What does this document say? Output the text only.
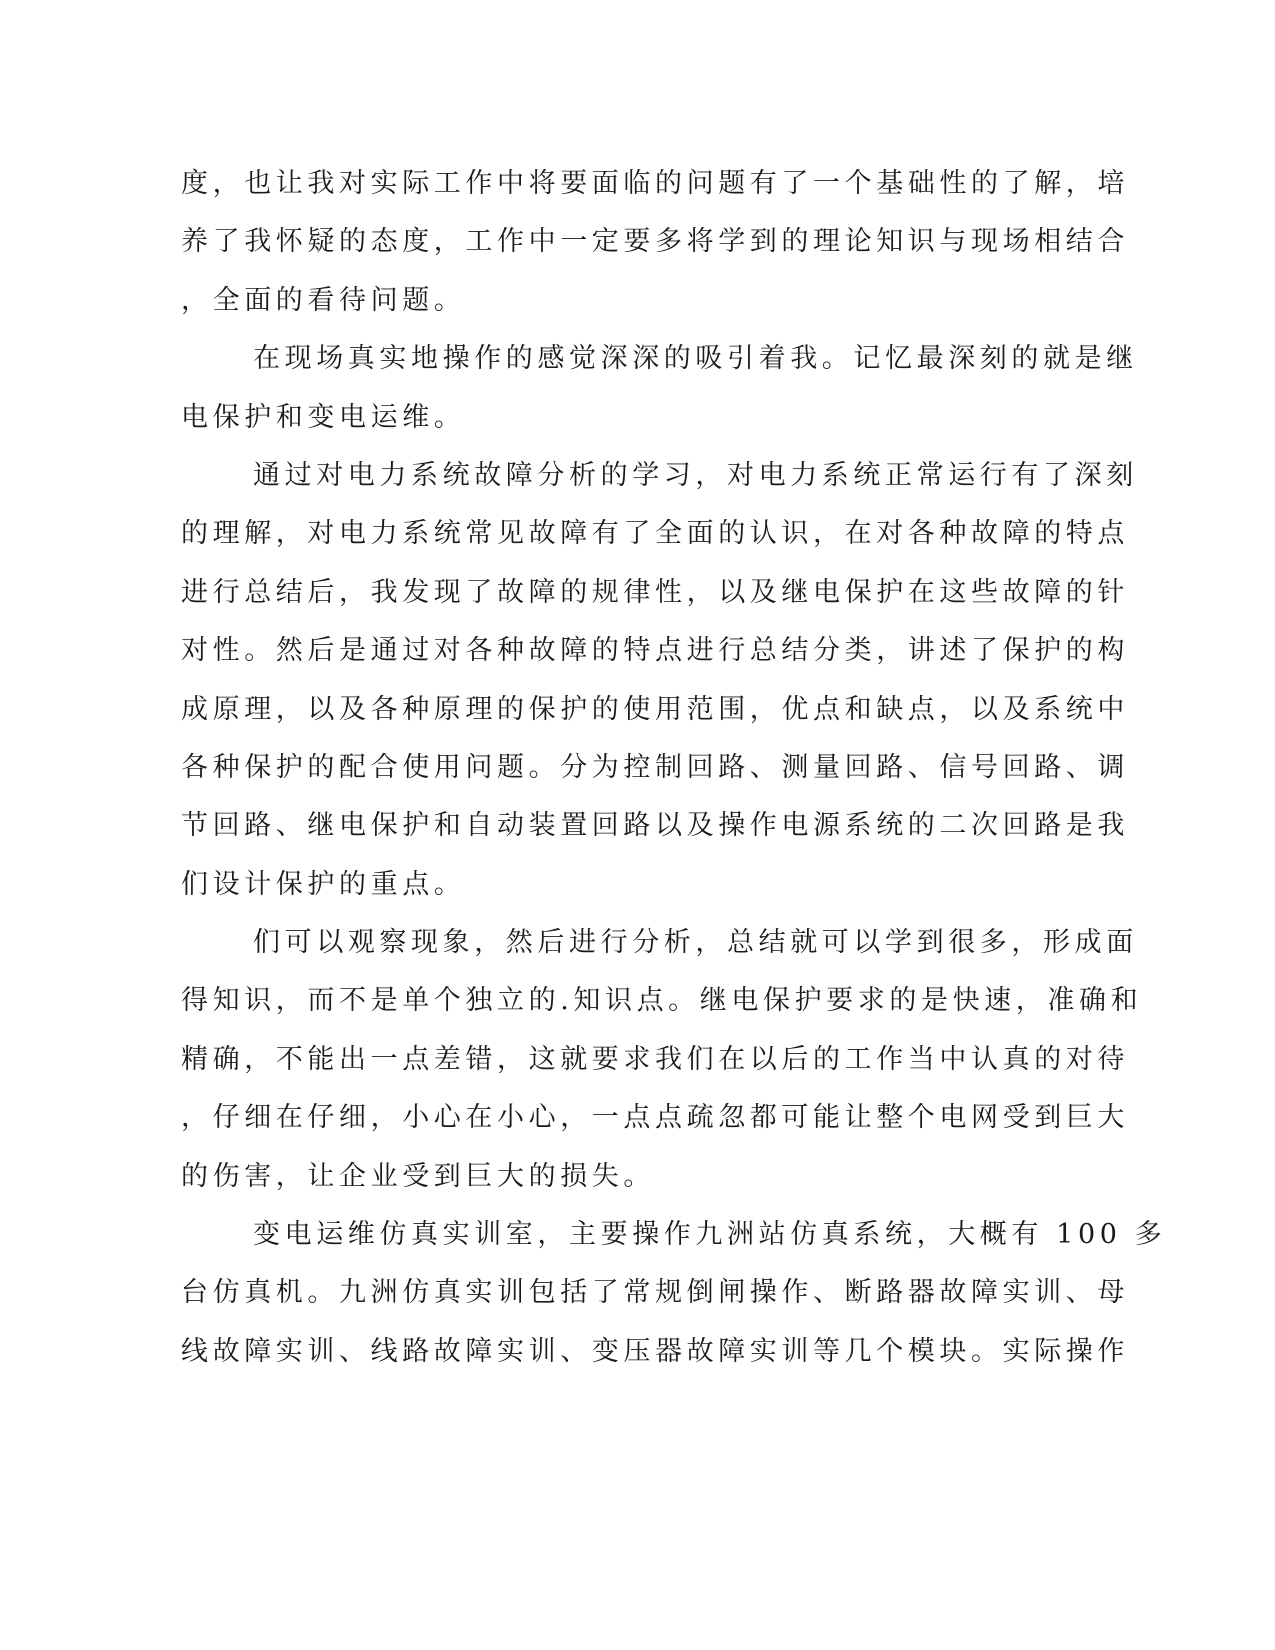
度，也让我对实际工作中将要面临的问题有了一个基础性的了解，培
养了我怀疑的态度，工作中一定要多将学到的理论知识与现场相结合
，全面的看待问题。
在现场真实地操作的感觉深深的吸引着我。记忆最深刻的就是继
电保护和变电运维。
通过对电力系统故障分析的学习，对电力系统正常运行有了深刻
的理解，对电力系统常见故障有了全面的认识，在对各种故障的特点
进行总结后，我发现了故障的规律性，以及继电保护在这些故障的针
对性。然后是通过对各种故障的特点进行总结分类，讲述了保护的构
成原理，以及各种原理的保护的使用范围，优点和缺点，以及系统中
各种保护的配合使用问题。分为控制回路、测量回路、信号回路、调
节回路、继电保护和自动装置回路以及操作电源系统的二次回路是我
们设计保护的重点。
们可以观察现象，然后进行分析，总结就可以学到很多，形成面
得知识，而不是单个独立的.知识点。继电保护要求的是快速，准确和
精确，不能出一点差错，这就要求我们在以后的工作当中认真的对待
，仔细在仔细，小心在小心，一点点疏忽都可能让整个电网受到巨大
的伤害，让企业受到巨大的损失。
变电运维仿真实训室，主要操作九洲站仿真系统，大概有 100 多
台仿真机。九洲仿真实训包括了常规倒闸操作、断路器故障实训、母
线故障实训、线路故障实训、变压器故障实训等几个模块。实际操作
